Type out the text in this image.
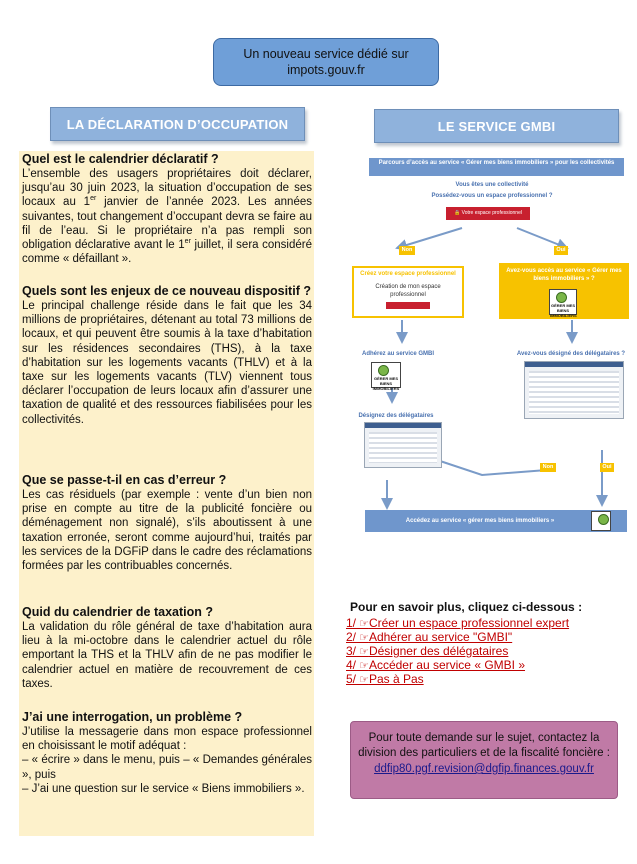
Un nouveau service dédié sur
impots.gouv.fr
LA DÉCLARATION D’OCCUPATION	LE SERVICE GMBI
Quel est le calendrier déclaratif ?

L’ensemble des usagers propriétaires doit déclarer, jusqu’au 30 juin 2023, la situation d’occupation de ses locaux au 1er janvier de l’année 2023. Les années suivantes, tout changement d’occupant devra se faire au fil de l’eau. Si le propriétaire n’a pas rempli son obligation déclarative avant le 1er juillet, il sera considéré comme « défaillant ».

Quels sont les enjeux de ce nouveau dispositif ?

Le principal challenge réside dans le fait que les 34 millions de propriétaires, détenant au total 73 millions de locaux, et qui peuvent être soumis à la taxe d’habitation sur les résidences secondaires (THS), à la taxe d’habitation sur les logements vacants (THLV) et à la taxe sur les logements vacants (TLV) viennent tous déclarer l’occupation de leurs locaux afin d’assurer une taxation de qualité et des ressources fiabilisées pour les collectivités.

Que se passe-t-il en cas d’erreur ?

Les cas résiduels (par exemple : vente d’un bien non prise en compte au titre de la publicité foncière ou déménagement non signalé), s’ils aboutissent à une taxation erronée, seront comme aujourd’hui, traités par les services de la DGFiP dans le cadre des réclamations formées par les contribuables concernés.

Quid du calendrier de taxation ?

La validation du rôle général de taxe d’habitation aura lieu à la mi-octobre dans le calendrier actuel du rôle emportant la THS et la THLV afin de ne pas modifier le calendrier actuel en matière de recouvrement de ces taxes.

J’ai une interrogation, un problème ?

J’utilise la messagerie dans mon espace professionnel en choisissant le motif adéquat :

– « écrire » dans le menu, puis – « Demandes générales », puis

– J’ai une question sur le service « Biens immobiliers ».

Parcours d’accès au service « Gérer mes biens immobiliers » pour les collectivités
Vous êtes une collectivité
Possédez-vous un espace professionnel ?
🔒 Votre espace professionnel
Non	Oui
Créez votre espace professionnel
Création de mon espace professionnel
Avez-vous accès au service « Gérer mes biens immobiliers » ?
GÉRER MES BIENS IMMOBILIERS
Adhérez au service GMBI
GÉRER MES BIENS IMMOBILIERS
Avez-vous désigné des délégataires ?
Désignez des délégataires
Non	Oui
Accédez au service « gérer mes biens immobiliers »
Pour en savoir plus, cliquez ci-dessous :
1/ ☞Créer un espace professionnel expert
2/ ☞Adhérer au service "GMBI"
3/ ☞Désigner des délégataires
4/ ☞Accéder au service « GMBI »
5/ ☞Pas à Pas
Pour toute demande sur le sujet, contactez la division des particuliers et de la fiscalité foncière :
ddfip80.pgf.revision@dgfip.finances.gouv.fr
